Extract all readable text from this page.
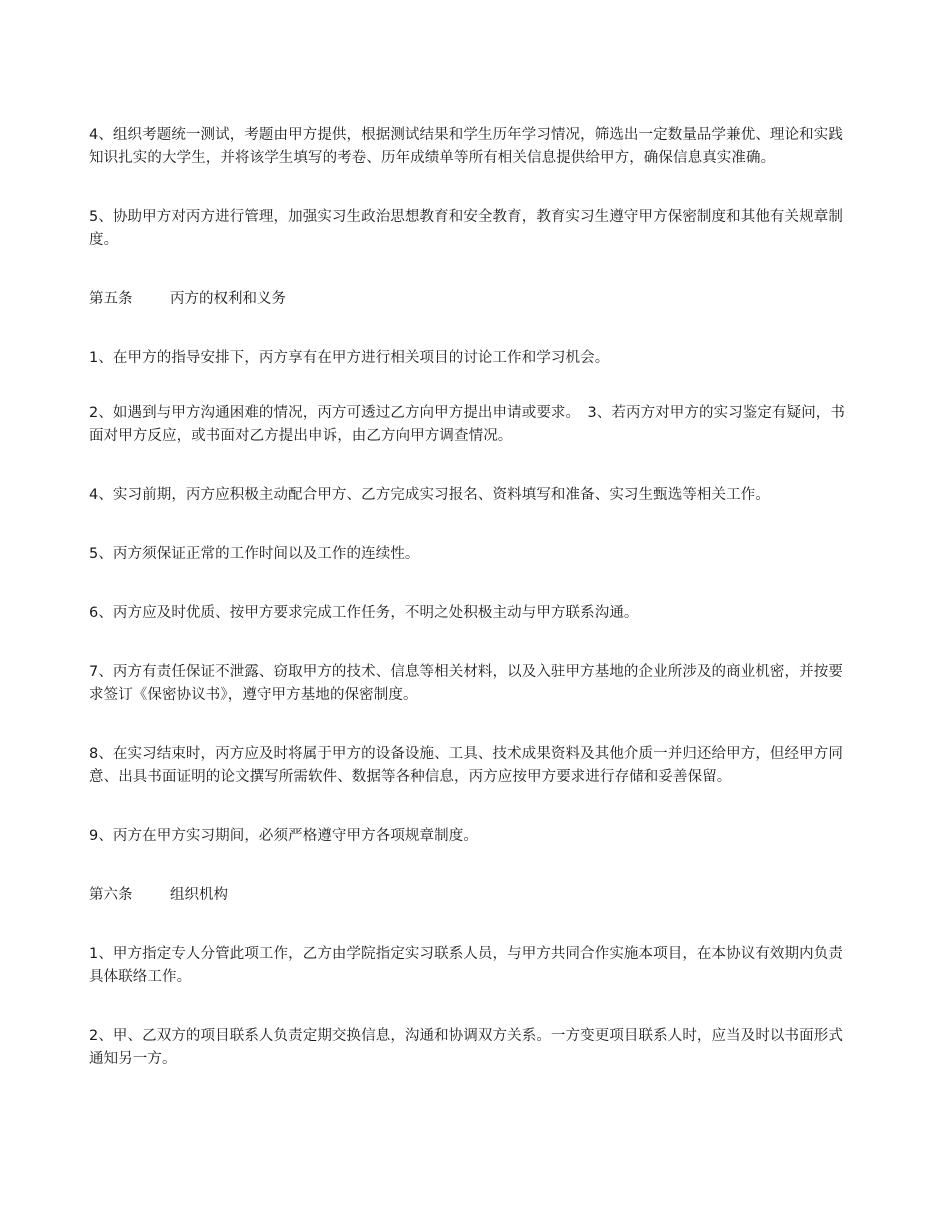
4、组织考题统一测试，考题由甲方提供，根据测试结果和学生历年学习情况，筛选出一定数量品学兼优、理论和实践知识扎实的大学生，并将该学生填写的考卷、历年成绩单等所有相关信息提供给甲方，确保信息真实准确。

5、协助甲方对丙方进行管理，加强实习生政治思想教育和安全教育，教育实习生遵守甲方保密制度和其他有关规章制度。

第五条	丙方的权利和义务

1、在甲方的指导安排下，丙方享有在甲方进行相关项目的讨论工作和学习机会。

2、如遇到与甲方沟通困难的情况，丙方可透过乙方向甲方提出申请或要求。　3、若丙方对甲方的实习鉴定有疑问，书面对甲方反应，或书面对乙方提出申诉，由乙方向甲方调查情况。

4、实习前期，丙方应积极主动配合甲方、乙方完成实习报名、资料填写和准备、实习生甄选等相关工作。

5、丙方须保证正常的工作时间以及工作的连续性。

6、丙方应及时优质、按甲方要求完成工作任务，不明之处积极主动与甲方联系沟通。

7、丙方有责任保证不泄露、窃取甲方的技术、信息等相关材料，以及入驻甲方基地的企业所涉及的商业机密，并按要求签订《保密协议书》，遵守甲方基地的保密制度。

8、在实习结束时，丙方应及时将属于甲方的设备设施、工具、技术成果资料及其他介质一并归还给甲方，但经甲方同意、出具书面证明的论文撰写所需软件、数据等各种信息，丙方应按甲方要求进行存储和妥善保留。

9、丙方在甲方实习期间，必须严格遵守甲方各项规章制度。

第六条	组织机构

1、甲方指定专人分管此项工作，乙方由学院指定实习联系人员，与甲方共同合作实施本项目，在本协议有效期内负责具体联络工作。

2、甲、乙双方的项目联系人负责定期交换信息，沟通和协调双方关系。一方变更项目联系人时，应当及时以书面形式通知另一方。
